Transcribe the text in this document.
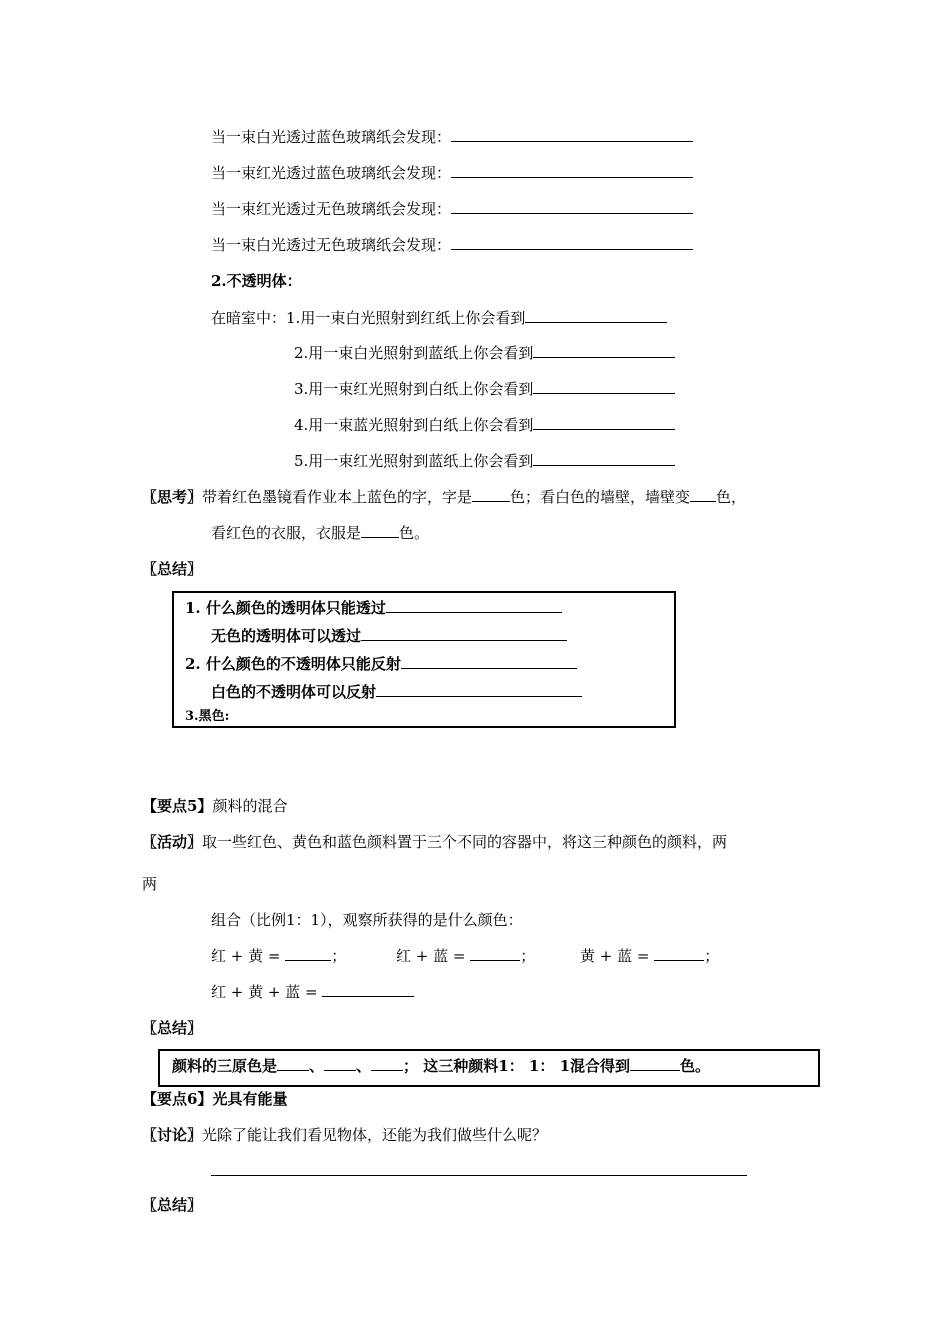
当一束白光透过蓝色玻璃纸会发现：
当一束红光透过蓝色玻璃纸会发现：
当一束红光透过无色玻璃纸会发现：
当一束白光透过无色玻璃纸会发现：
2.不透明体：
在暗室中：1.用一束白光照射到红纸上你会看到
2.用一束白光照射到蓝纸上你会看到
3.用一束红光照射到白纸上你会看到
4.用一束蓝光照射到白纸上你会看到
5.用一束红光照射到蓝纸上你会看到
〖思考〗带着红色墨镜看作业本上蓝色的字，字是	色；看白色的墙壁，墙壁变 色，
看红色的衣服，衣服是	色。
〖总结〗
1. 什么颜色的透明体只能透过
无色的透明体可以透过
2. 什么颜色的不透明体只能反射
白色的不透明体可以反射
3.黑色:
【要点5】颜料的混合
〖活动〗取一些红色、黄色和蓝色颜料置于三个不同的容器中，将这三种颜色的颜料，两
两
组合（比例1：1），观察所获得的是什么颜色：
红 + 黄 =	；	红 + 蓝 =	；	黄 + 蓝 =	；
红 + 黄 + 蓝 =
〖总结〗
颜料的三原色是 、 、 ； 这三种颜料1： 1： 1混合得到	色。
【要点6】光具有能量
〖讨论〗光除了能让我们看见物体，还能为我们做些什么呢？
〖总结〗
